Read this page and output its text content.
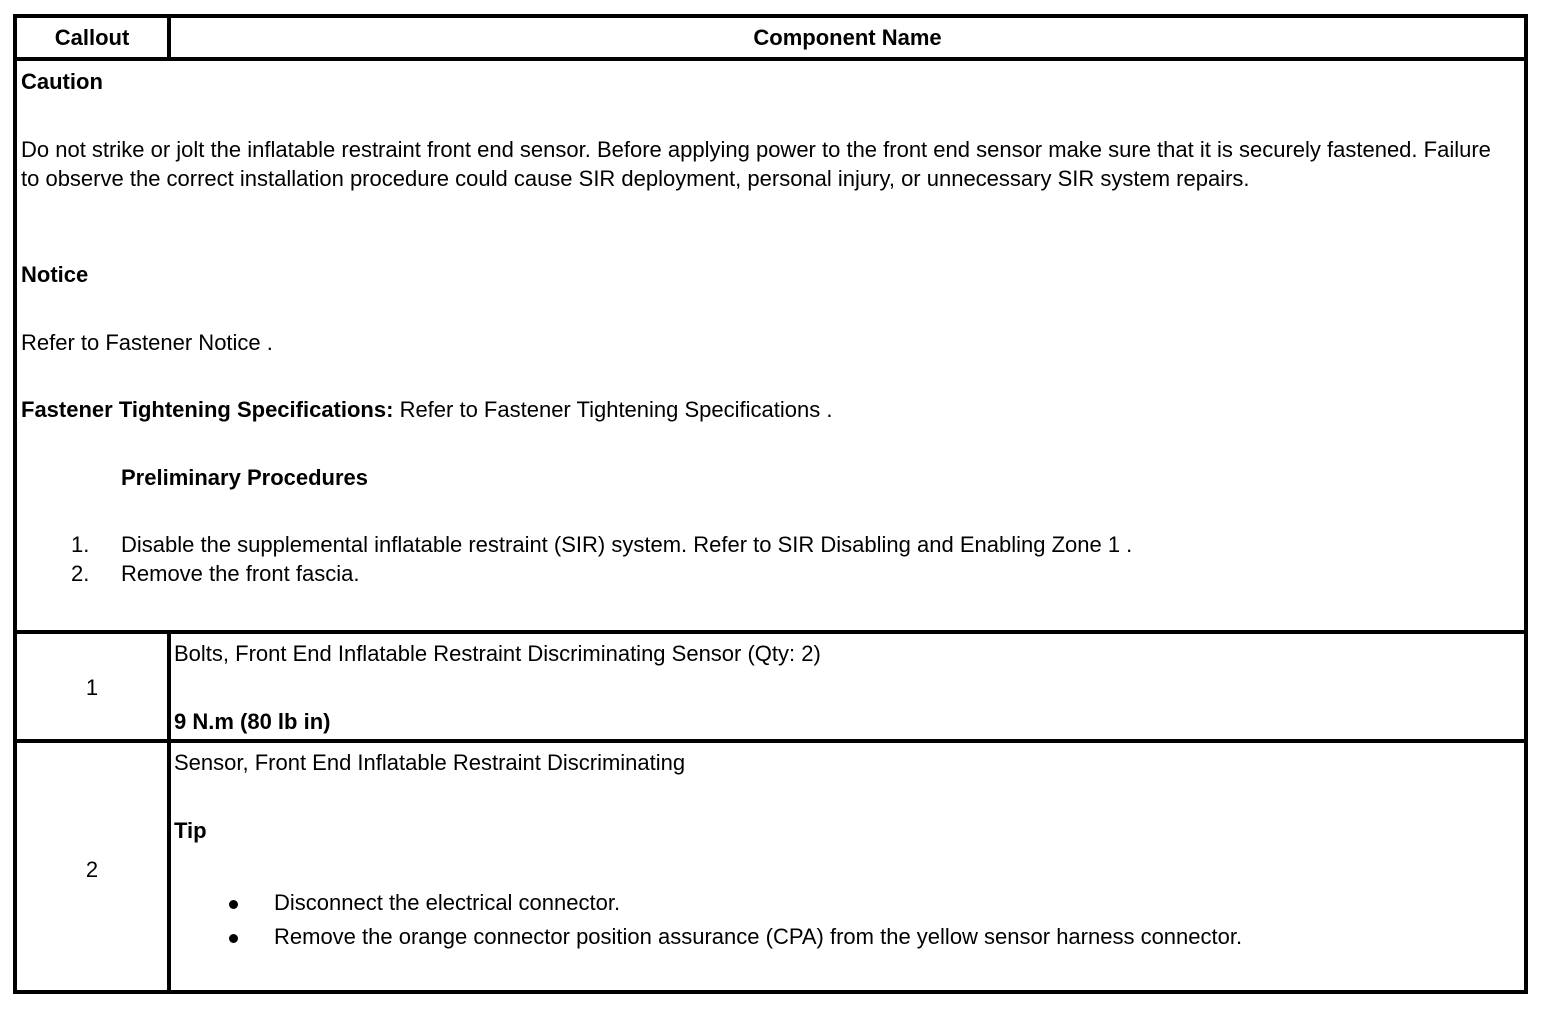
Callout	Component Name
Caution
Do not strike or jolt the inflatable restraint front end sensor. Before applying power to the front end sensor make sure that it is securely fastened. Failure to observe the correct installation procedure could cause SIR deployment, personal injury, or unnecessary SIR system repairs.
Notice
Refer to Fastener Notice .
Fastener Tightening Specifications: Refer to Fastener Tightening Specifications .
Preliminary Procedures
1. Disable the supplemental inflatable restraint (SIR) system. Refer to SIR Disabling and Enabling Zone 1 .
2. Remove the front fascia.
1
Bolts, Front End Inflatable Restraint Discriminating Sensor (Qty: 2)
9 N.m (80 lb in)
2
Sensor, Front End Inflatable Restraint Discriminating
Tip
Disconnect the electrical connector.
Remove the orange connector position assurance (CPA) from the yellow sensor harness connector.
